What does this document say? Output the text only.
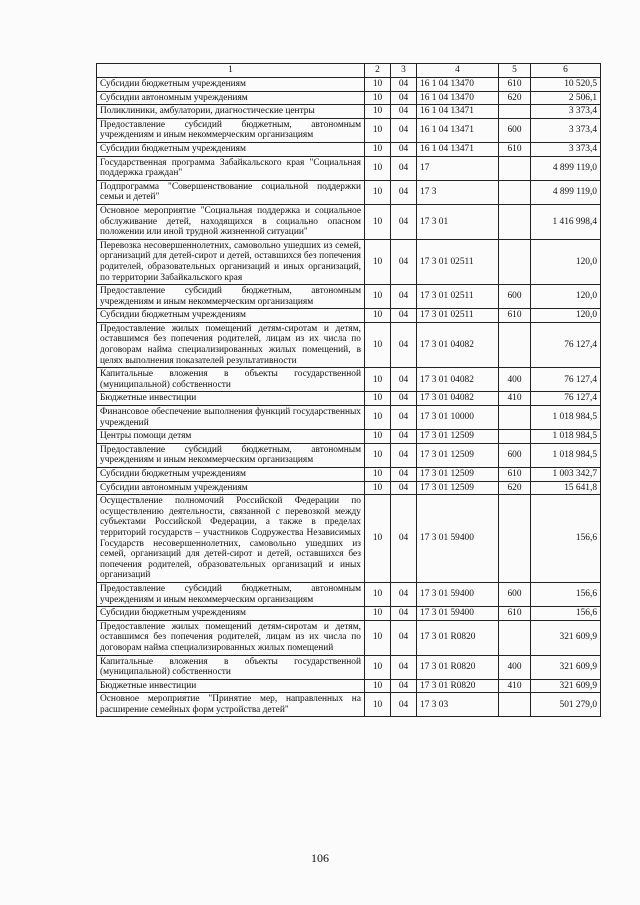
1	2	3	4	5	6
Субсидии бюджетным учреждениям	10	04	16 1 04 13470	610	10 520,5
Субсидии автономным учреждениям	10	04	16 1 04 13470	620	2 506,1
Поликлиники, амбулатории, диагностические центры	10	04	16 1 04 13471		3 373,4
Предоставление субсидий бюджетным, автономным учреждениям и иным некоммерческим организациям	10	04	16 1 04 13471	600	3 373,4
Субсидии бюджетным учреждениям	10	04	16 1 04 13471	610	3 373,4
Государственная программа Забайкальского края "Социальная поддержка граждан"	10	04	17		4 899 119,0
Подпрограмма "Совершенствование социальной поддержки семьи и детей"	10	04	17 3		4 899 119,0
Основное мероприятие "Социальная поддержка и социальное обслуживание детей, находящихся в социально опасном положении или иной трудной жизненной ситуации"	10	04	17 3 01		1 416 998,4
Перевозка несовершеннолетних, самовольно ушедших из семей, организаций для детей-сирот и детей, оставшихся без попечения родителей, образовательных организаций и иных организаций, по территории Забайкальского края	10	04	17 3 01 02511		120,0
Предоставление субсидий бюджетным, автономным учреждениям и иным некоммерческим организациям	10	04	17 3 01 02511	600	120,0
Субсидии бюджетным учреждениям	10	04	17 3 01 02511	610	120,0
Предоставление жилых помещений детям-сиротам и детям, оставшимся без попечения родителей, лицам из их числа по договорам найма специализированных жилых помещений, в целях выполнения показателей результативности	10	04	17 3 01 04082		76 127,4
Капитальные вложения в объекты государственной (муниципальной) собственности	10	04	17 3 01 04082	400	76 127,4
Бюджетные инвестиции	10	04	17 3 01 04082	410	76 127,4
Финансовое обеспечение выполнения функций государственных учреждений	10	04	17 3 01 10000		1 018 984,5
Центры помощи детям	10	04	17 3 01 12509		1 018 984,5
Предоставление субсидий бюджетным, автономным учреждениям и иным некоммерческим организациям	10	04	17 3 01 12509	600	1 018 984,5
Субсидии бюджетным учреждениям	10	04	17 3 01 12509	610	1 003 342,7
Субсидии автономным учреждениям	10	04	17 3 01 12509	620	15 641,8
Осуществление полномочий Российской Федерации по осуществлению деятельности, связанной с перевозкой между субъектами Российской Федерации, а также в пределах территорий государств – участников Содружества Независимых Государств несовершеннолетних, самовольно ушедших из семей, организаций для детей-сирот и детей, оставшихся без попечения родителей, образовательных организаций и иных организаций	10	04	17 3 01 59400		156,6
Предоставление субсидий бюджетным, автономным учреждениям и иным некоммерческим организациям	10	04	17 3 01 59400	600	156,6
Субсидии бюджетным учреждениям	10	04	17 3 01 59400	610	156,6
Предоставление жилых помещений детям-сиротам и детям, оставшимся без попечения родителей, лицам из их числа по договорам найма специализированных жилых помещений	10	04	17 3 01 R0820		321 609,9
Капитальные вложения в объекты государственной (муниципальной) собственности	10	04	17 3 01 R0820	400	321 609,9
Бюджетные инвестиции	10	04	17 3 01 R0820	410	321 609,9
Основное мероприятие "Принятие мер, направленных на расширение семейных форм устройства детей"	10	04	17 3 03		501 279,0
106
